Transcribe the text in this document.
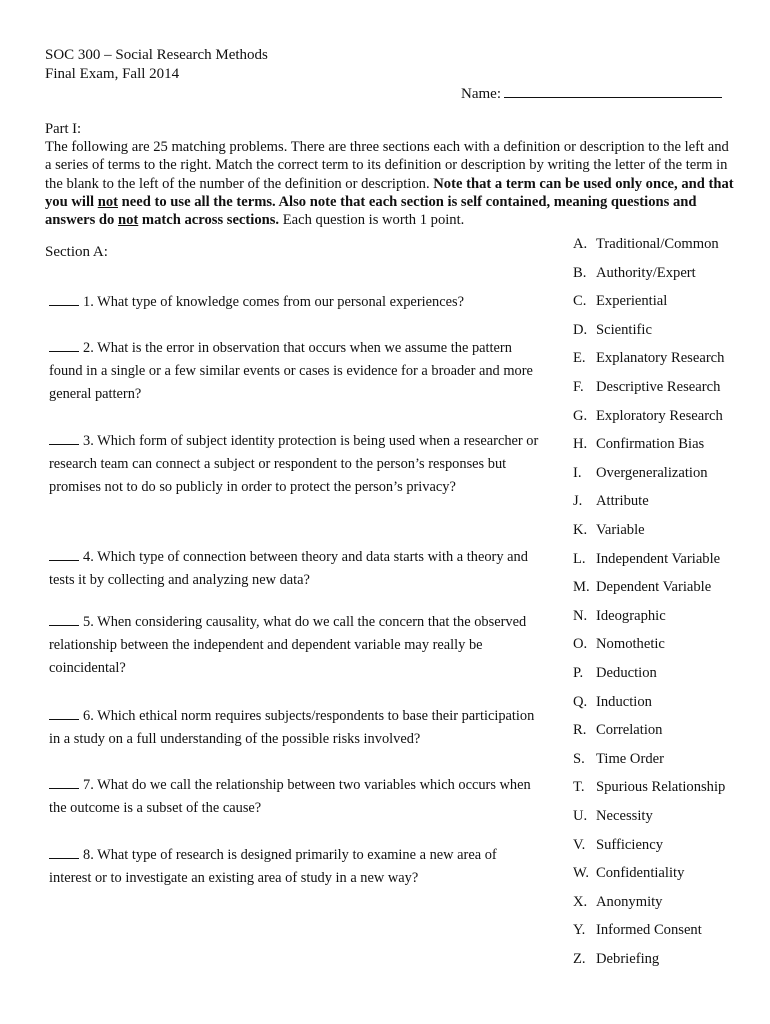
SOC 300 – Social Research Methods
Final Exam, Fall 2014
Name:
Part I:
The following are 25 matching problems. There are three sections each with a definition or description to the left and a series of terms to the right. Match the correct term to its definition or description by writing the letter of the term in the blank to the left of the number of the definition or description. Note that a term can be used only once, and that you will not need to use all the terms. Also note that each section is self contained, meaning questions and answers do not match across sections. Each question is worth 1 point.
Section A:
1. What type of knowledge comes from our personal experiences?
2. What is the error in observation that occurs when we assume the pattern found in a single or a few similar events or cases is evidence for a broader and more general pattern?
3. Which form of subject identity protection is being used when a researcher or research team can connect a subject or respondent to the person’s responses but promises not to do so publicly in order to protect the person’s privacy?
4. Which type of connection between theory and data starts with a theory and tests it by collecting and analyzing new data?
5. When considering causality, what do we call the concern that the observed relationship between the independent and dependent variable may really be coincidental?
6. Which ethical norm requires subjects/respondents to base their participation in a study on a full understanding of the possible risks involved?
7. What do we call the relationship between two variables which occurs when the outcome is a subset of the cause?
8. What type of research is designed primarily to examine a new area of interest or to investigate an existing area of study in a new way?
A. Traditional/Common
B. Authority/Expert
C. Experiential
D. Scientific
E. Explanatory Research
F. Descriptive Research
G. Exploratory Research
H. Confirmation Bias
I. Overgeneralization
J. Attribute
K. Variable
L. Independent Variable
M. Dependent Variable
N. Ideographic
O. Nomothetic
P. Deduction
Q. Induction
R. Correlation
S. Time Order
T. Spurious Relationship
U. Necessity
V. Sufficiency
W. Confidentiality
X. Anonymity
Y. Informed Consent
Z. Debriefing
